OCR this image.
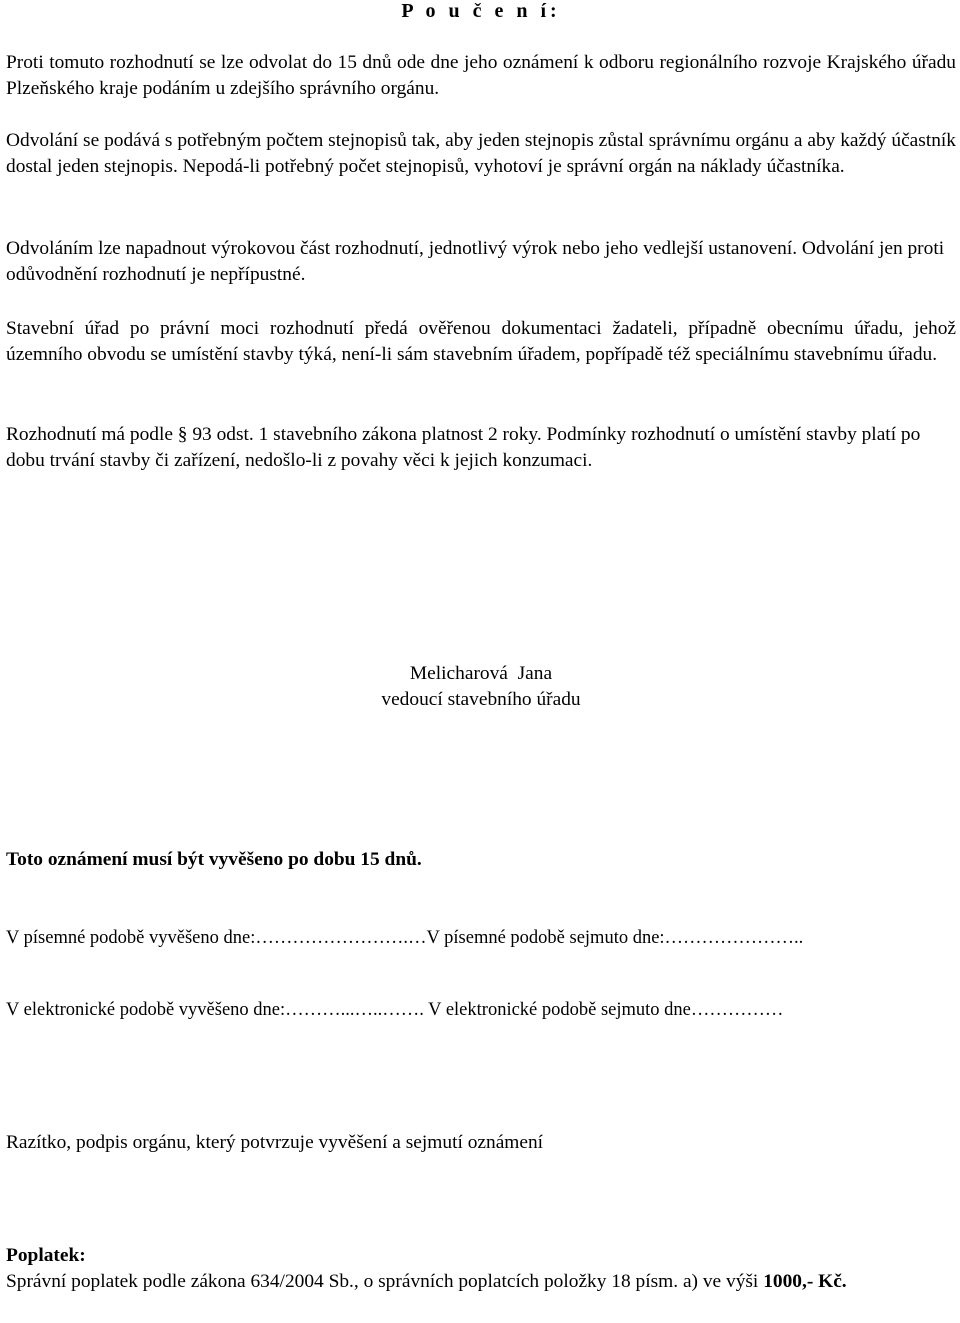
P o u č e n í:

Proti tomuto rozhodnutí se lze odvolat do 15 dnů ode dne jeho oznámení k odboru regionálního rozvoje Krajského úřadu Plzeňského kraje podáním u zdejšího správního orgánu.

Odvolání se podává s potřebným počtem stejnopisů tak, aby jeden stejnopis zůstal správnímu orgánu a aby každý účastník dostal jeden stejnopis. Nepodá-li potřebný počet stejnopisů, vyhotoví je správní orgán na náklady účastníka.

Odvoláním lze napadnout výrokovou část rozhodnutí, jednotlivý výrok nebo jeho vedlejší ustanovení. Odvolání jen proti odůvodnění rozhodnutí je nepřípustné.

Stavební úřad po právní moci rozhodnutí předá ověřenou dokumentaci žadateli, případně obecnímu úřadu, jehož územního obvodu se umístění stavby týká, není-li sám stavebním úřadem, popřípadě též speciálnímu stavebnímu úřadu.

Rozhodnutí má podle § 93 odst. 1 stavebního zákona platnost 2 roky. Podmínky rozhodnutí o umístění stavby platí po dobu trvání stavby či zařízení, nedošlo-li z povahy věci k jejich konzumaci.

Melicharová  Jana
vedoucí stavebního úřadu

Toto oznámení musí být vyvěšeno po dobu 15 dnů.

V písemné podobě vyvěšeno dne:…………………….…V písemné podobě sejmuto dne:…………………..

V elektronické podobě vyvěšeno dne:………...…..……. V elektronické podobě sejmuto dne……………

Razítko, podpis orgánu, který potvrzuje vyvěšení a sejmutí oznámení

Poplatek:

Správní poplatek podle zákona 634/2004 Sb., o správních poplatcích položky 18 písm. a) ve výši 1000,- Kč.
